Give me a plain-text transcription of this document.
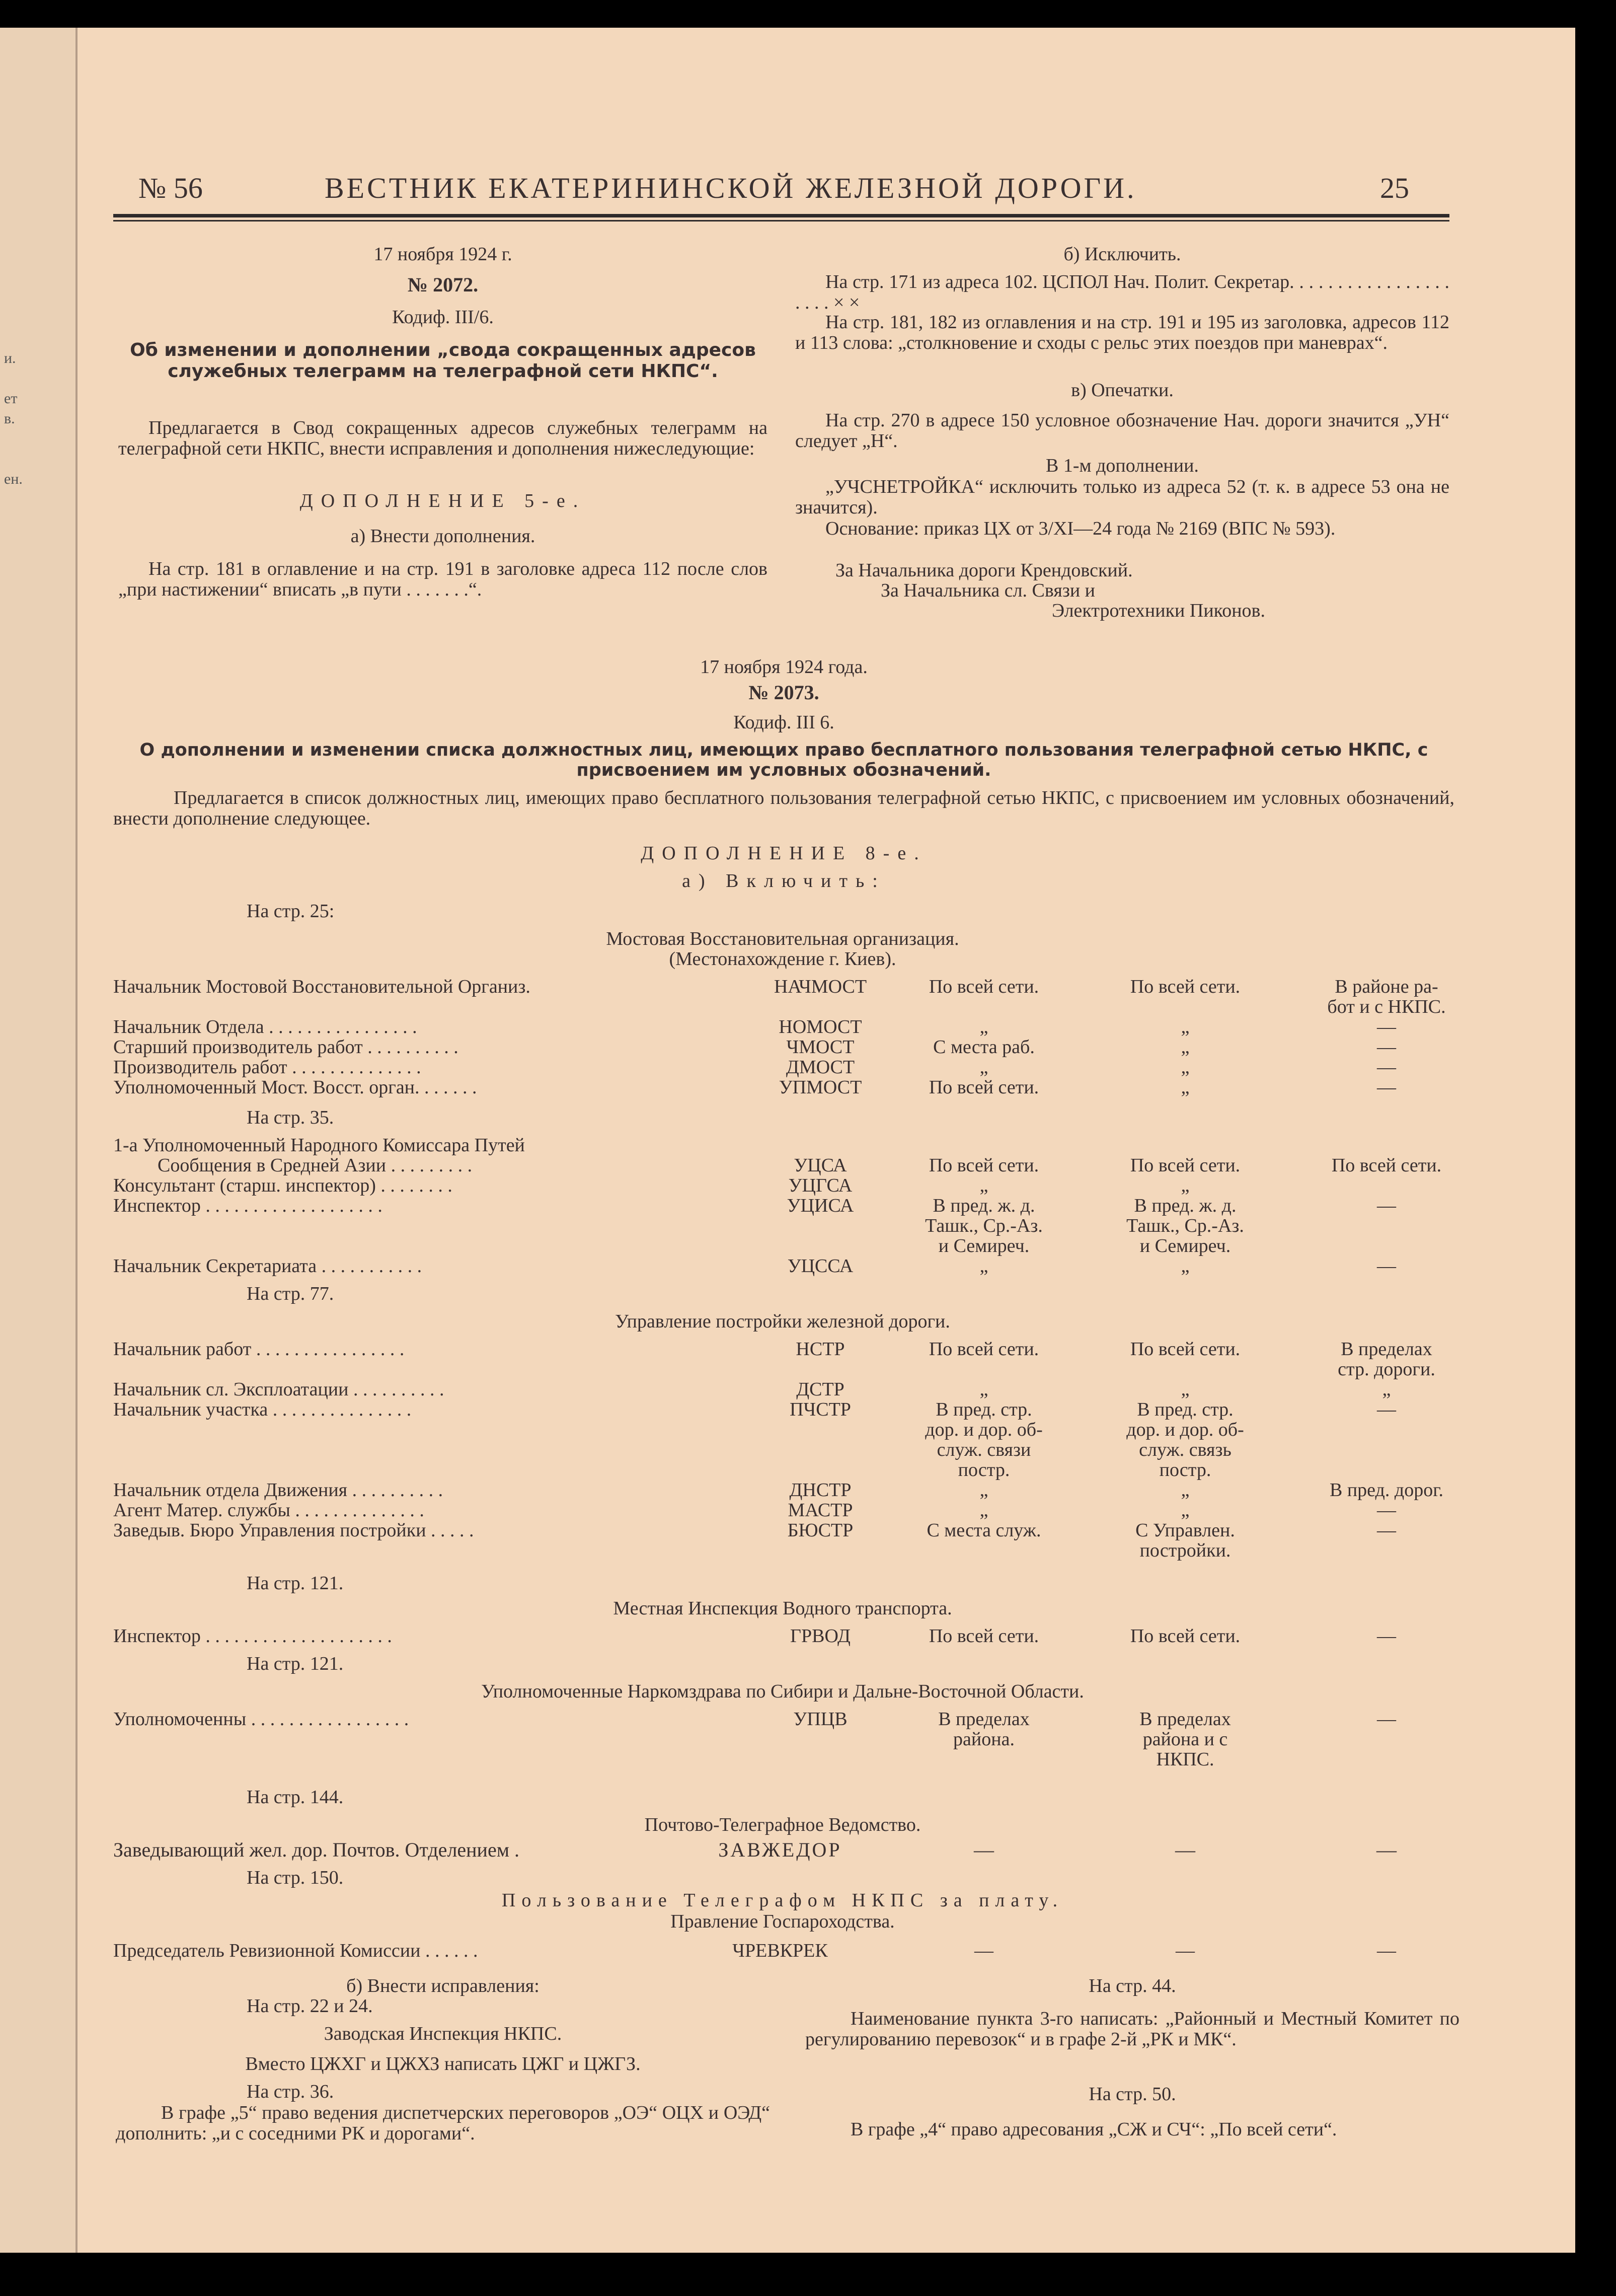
и.
ет
в.
ен.
№ 56	ВЕСТНИК ЕКАТЕРИНИНСКОЙ ЖЕЛЕЗНОЙ ДОРОГИ.	25
17 ноября 1924 г.
№ 2072.
Кодиф. III/6.
Об изменении и дополнении „свода сокращенных адресов служебных телеграмм на телеграфной сети НКПС“.
Предлагается в Свод сокращенных адресов служебных телеграмм на телеграфной сети НКПС, внести исправления и дополнения нижеследующие:
ДОПОЛНЕНИЕ 5-е.
а) Внести дополнения.
На стр. 181 в оглавление и на стр. 191 в заголовке адреса 112 после слов „при настижении“ вписать „в пути . . . . . . .“.
б) Исключить.
На стр. 171 из адреса 102. ЦСПОЛ Нач. Полит. Секретар. . . . . . . . . . . . . . . . . . . . . × ×
На стр. 181, 182 из оглавления и на стр. 191 и 195 из заголовка, адресов 112 и 113 слова: „столкновение и сходы с рельс этих поездов при маневрах“.
в) Опечатки.
На стр. 270 в адресе 150 условное обозначение Нач. дороги значится „УН“ следует „Н“.
В 1-м дополнении.
„УЧСНЕТРОЙКА“ исключить только из адреса 52 (т. к. в адресе 53 она не значится).
Основание: приказ ЦХ от 3/XI—24 года № 2169 (ВПС № 593).
За Начальника дороги Крендовский.
За Начальника сл. Связи и
Электротехники Пиконов.
17 ноября 1924 года.
№ 2073.
Кодиф. III 6.
О дополнении и изменении списка должностных лиц, имеющих право бесплатного пользования телеграфной сетью НКПС, с присвоением им условных обозначений.
Предлагается в список должностных лиц, имеющих право бесплатного пользования телеграфной сетью НКПС, с присвоением им условных обозначений, внести дополнение следующее.
ДОПОЛНЕНИЕ 8-е.
а) Включить:
На стр. 25:
Мостовая Восстановительная организация.
(Местонахождение г. Киев).
Начальник Мостовой Восстановительной Организ.	НАЧМОСТ	По всей сети.	По всей сети.	В районе ра-
бот и с НКПС.
Начальник Отдела . . . . . . . . . . . . . . . .	НОМОСТ	„	„	—
Старший производитель работ . . . . . . . . . .	ЧМОСТ	С места раб.	„	—
Производитель работ . . . . . . . . . . . . . .	ДМОСТ	„	„	—
Уполномоченный Мост. Восст. орган. . . . . . .	УПМОСТ	По всей сети.	„	—
На стр. 35.
1-а Уполномоченный Народного Комиссара Путей
Сообщения в Средней Азии . . . . . . . . .	УЦСА	По всей сети.	По всей сети.	По всей сети.
Консультант (старш. инспектор) . . . . . . . .	УЦГСА	„	„
Инспектор . . . . . . . . . . . . . . . . . . .	УЦИСА	В пред. ж. д.	В пред. ж. д.	—
Ташк., Ср.-Аз.	Ташк., Ср.-Аз.
и Семиреч.	и Семиреч.
Начальник Секретариата . . . . . . . . . . .	УЦССА	„	„	—
На стр. 77.
Управление постройки железной дороги.
Начальник работ . . . . . . . . . . . . . . . .	НСТР	По всей сети.	По всей сети.	В пределах
стр. дороги.
Начальник сл. Эксплоатации . . . . . . . . . .	ДСТР	„	„	„
Начальник участка . . . . . . . . . . . . . . .	ПЧСТР	В пред. стр.	В пред. стр.	—
дор. и дор. об-	дор. и дор. об-
служ. связи	служ. связь
постр.	постр.
Начальник отдела Движения . . . . . . . . . .	ДНСТР	„	„	В пред. дорог.
Агент Матер. службы . . . . . . . . . . . . . .	МАСТР	„	„	—
Заведыв. Бюро Управления постройки . . . . .	БЮСТР	С места служ.	С Управлен.	—
постройки.
На стр. 121.
Местная Инспекция Водного транспорта.
Инспектор . . . . . . . . . . . . . . . . . . . .	ГРВОД	По всей сети.	По всей сети.	—
На стр. 121.
Уполномоченные Наркомздрава по Сибири и Дальне-Восточной Области.
Уполномоченны . . . . . . . . . . . . . . . . .	УПЦВ	В пределах	В пределах	—
района.	района и с
НКПС.
На стр. 144.
Почтово-Телеграфное Ведомство.
Заведывающий жел. дор. Почтов. Отделением .	ЗАВЖЕДОР	—	—	—
На стр. 150.
Пользование Телеграфом НКПС за плату.
Правление Госпароходства.
Председатель Ревизионной Комиссии . . . . . .	ЧРЕВКРЕК	—	—	—
б) Внести исправления:
На стр. 22 и 24.
Заводская Инспекция НКПС.
Вместо ЦЖХГ и ЦЖХЗ написать ЦЖГ и ЦЖГЗ.
На стр. 36.
В графе „5“ право ведения диспетчерских переговоров „ОЭ“ ОЦХ и ОЭД“ дополнить: „и с соседними РК и дорогами“.
На стр. 44.
Наименование пункта 3-го написать: „Районный и Местный Комитет по регулированию перевозок“ и в графе 2-й „РК и МК“.
На стр. 50.
В графе „4“ право адресования „СЖ и СЧ“: „По всей сети“.
